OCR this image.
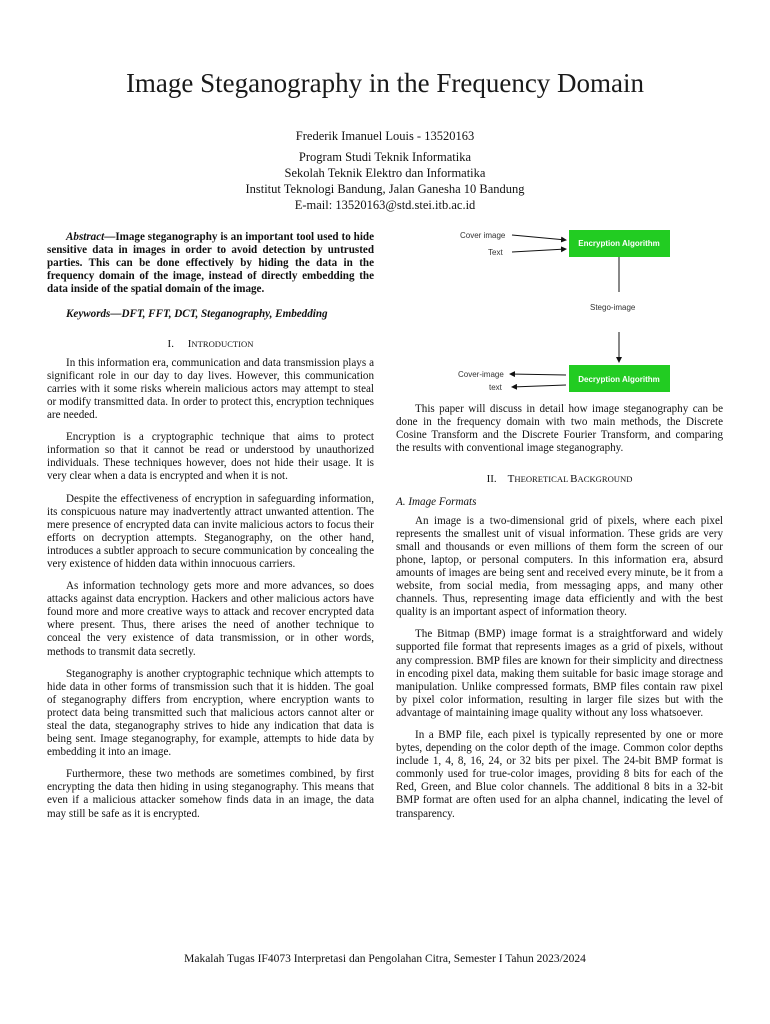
Image Steganography in the Frequency Domain
Frederik Imanuel Louis - 13520163
Program Studi Teknik Informatika
Sekolah Teknik Elektro dan Informatika
Institut Teknologi Bandung, Jalan Ganesha 10 Bandung
E-mail: 13520163@std.stei.itb.ac.id

Abstract—Image steganography is an important tool used to hide sensitive data in images in order to avoid detection by untrusted parties. This can be done effectively by hiding the data in the frequency domain of the image, instead of directly embedding the data inside of the spatial domain of the image.

Keywords—DFT, FFT, DCT, Steganography, Embedding

I. INTRODUCTION

In this information era, communication and data transmission plays a significant role in our day to day lives. However, this communication carries with it some risks wherein malicious actors may attempt to steal or modify transmitted data. In order to protect this, encryption techniques are needed.

Encryption is a cryptographic technique that aims to protect information so that it cannot be read or understood by unauthorized individuals. These techniques however, does not hide their usage. It is very clear when a data is encrypted and when it is not.

Despite the effectiveness of encryption in safeguarding information, its conspicuous nature may inadvertently attract unwanted attention. The mere presence of encrypted data can invite malicious actors to focus their efforts on decryption attempts. Steganography, on the other hand, introduces a subtler approach to secure communication by concealing the very existence of hidden data within innocuous carriers.

As information technology gets more and more advances, so does attacks against data encryption. Hackers and other malicious actors have found more and more creative ways to attack and recover encrypted data where present. Thus, there arises the need of another technique to conceal the very existence of data transmission, or in other words, methods to transmit data secretly.

Steganography is another cryptographic technique which attempts to hide data in other forms of transmission such that it is hidden. The goal of steganography differs from encryption, where encryption wants to protect data being transmitted such that malicious actors cannot alter or steal the data, steganography strives to hide any indication that data is being sent. Image steganography, for example, attempts to hide data by embedding it into an image.

Furthermore, these two methods are sometimes combined, by first encrypting the data then hiding in using steganography. This means that even if a malicious attacker somehow finds data in an image, the data may still be safe as it is encrypted.

Cover image
Text
Encryption Algorithm
Stego-image
Decryption Algorithm
Cover-image
text

This paper will discuss in detail how image steganography can be done in the frequency domain with two main methods, the Discrete Cosine Transform and the Discrete Fourier Transform, and comparing the results with conventional image steganography.

II. THEORETICAL BACKGROUND
A. Image Formats

An image is a two-dimensional grid of pixels, where each pixel represents the smallest unit of visual information. These grids are very small and thousands or even millions of them form the screen of our phone, laptop, or personal computers. In this information era, absurd amounts of images are being sent and received every minute, be it from a website, from social media, from messaging apps, and many other channels. Thus, representing image data efficiently and with the best quality is an important aspect of information theory.

The Bitmap (BMP) image format is a straightforward and widely supported file format that represents images as a grid of pixels, without any compression. BMP files are known for their simplicity and directness in encoding pixel data, making them suitable for basic image storage and manipulation. Unlike compressed formats, BMP files contain raw pixel by pixel color information, resulting in larger file sizes but with the advantage of maintaining image quality without any loss whatsoever.

In a BMP file, each pixel is typically represented by one or more bytes, depending on the color depth of the image. Common color depths include 1, 4, 8, 16, 24, or 32 bits per pixel. The 24-bit BMP format is commonly used for true-color images, providing 8 bits for each of the Red, Green, and Blue color channels. The additional 8 bits in a 32-bit BMP format are often used for an alpha channel, indicating the level of transparency.

Makalah Tugas IF4073 Interpretasi dan Pengolahan Citra, Semester I Tahun 2023/2024
